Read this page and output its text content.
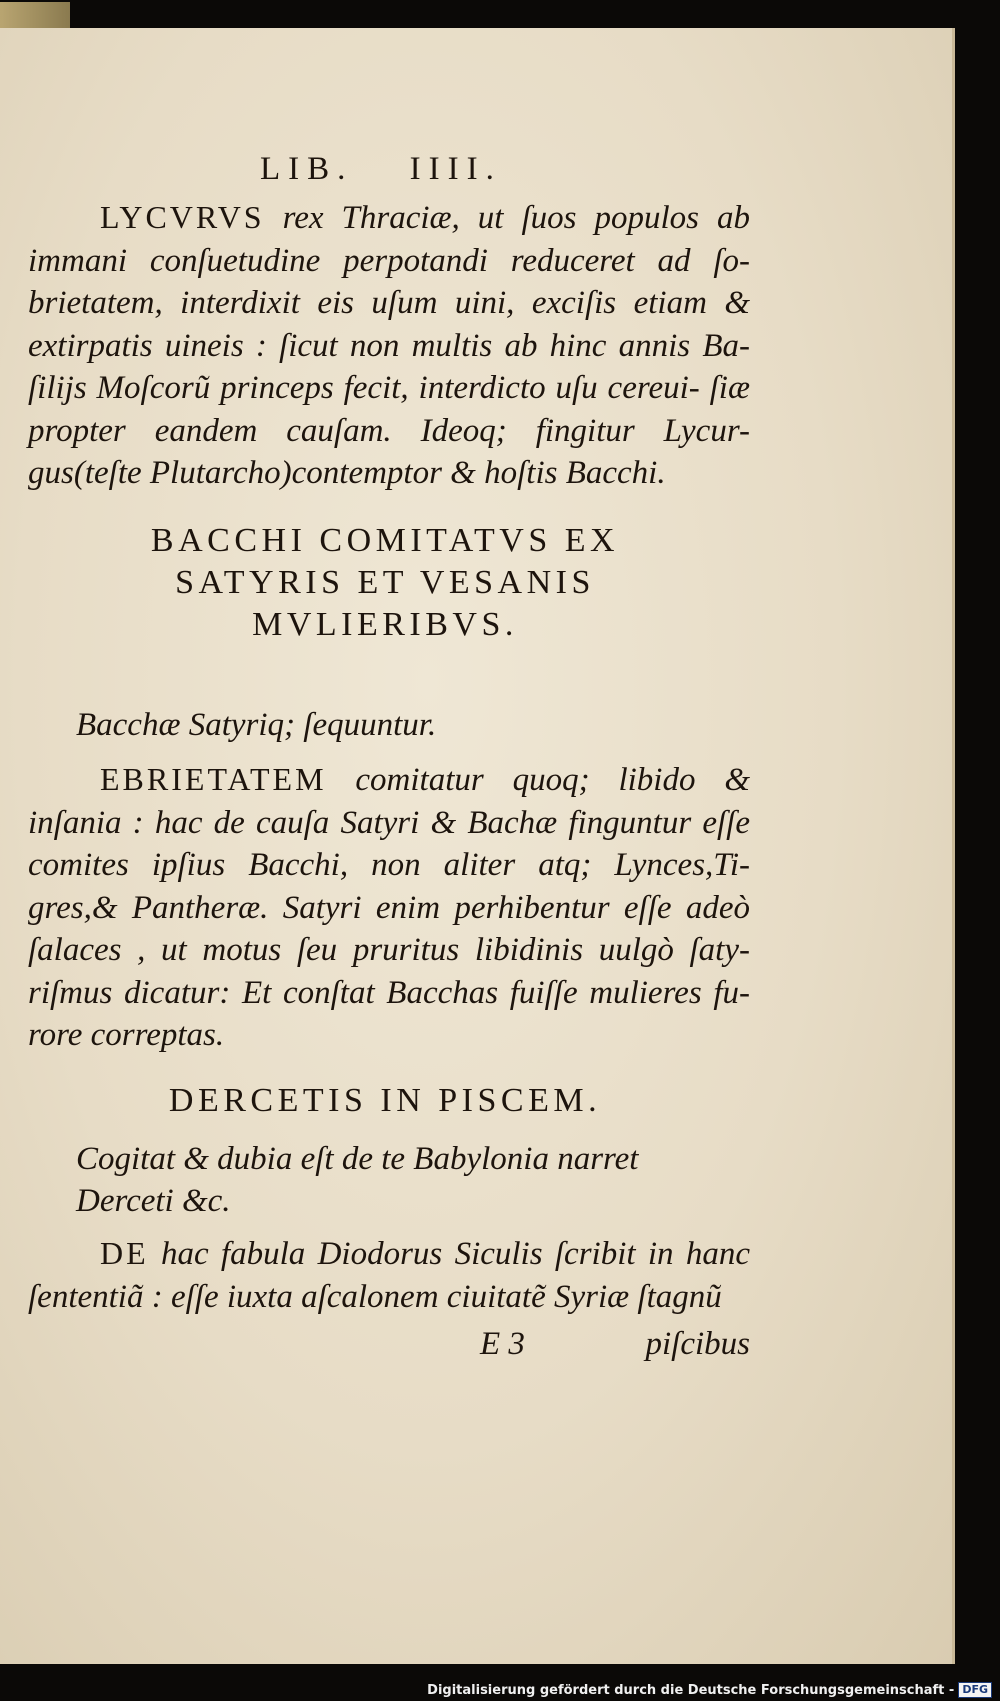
LIB. IIII.

LYCVRVS rex Thraciæ, ut ſuos populos ab immani conſuetudine perpotandi reduceret ad ſo- brietatem, interdixit eis uſum uini, exciſis etiam & extirpatis uineis : ſicut non multis ab hinc annis Ba- ſilijs Moſcorũ princeps fecit, interdicto uſu cereui- ſiæ propter eandem cauſam. Ideoq; fingitur Lycur- gus(teſte Plutarcho)contemptor & hoſtis Bacchi.

BACCHI COMITATVS EX
SATYRIS ET VESANIS
MVLIERIBVS.

Bacchæ Satyriq; ſequuntur.

EBRIETATEM comitatur quoq; libido & inſania : hac de cauſa Satyri & Bachæ finguntur eſſe comites ipſius Bacchi, non aliter atq; Lynces,Ti- gres,& Pantheræ. Satyri enim perhibentur eſſe adeò ſalaces , ut motus ſeu pruritus libidinis uulgò ſaty- riſmus dicatur: Et conſtat Bacchas fuiſſe mulieres fu- rore correptas.

DERCETIS IN PISCEM.

Cogitat & dubia eſt de te Babylonia narret
Derceti &c.

DE hac fabula Diodorus Siculis ſcribit in hanc ſententiã : eſſe iuxta aſcalonem ciuitatẽ Syriæ ſtagnũ

E 3	piſcibus

Digitalisierung gefördert durch die Deutsche Forschungsgemeinschaft - DFG
